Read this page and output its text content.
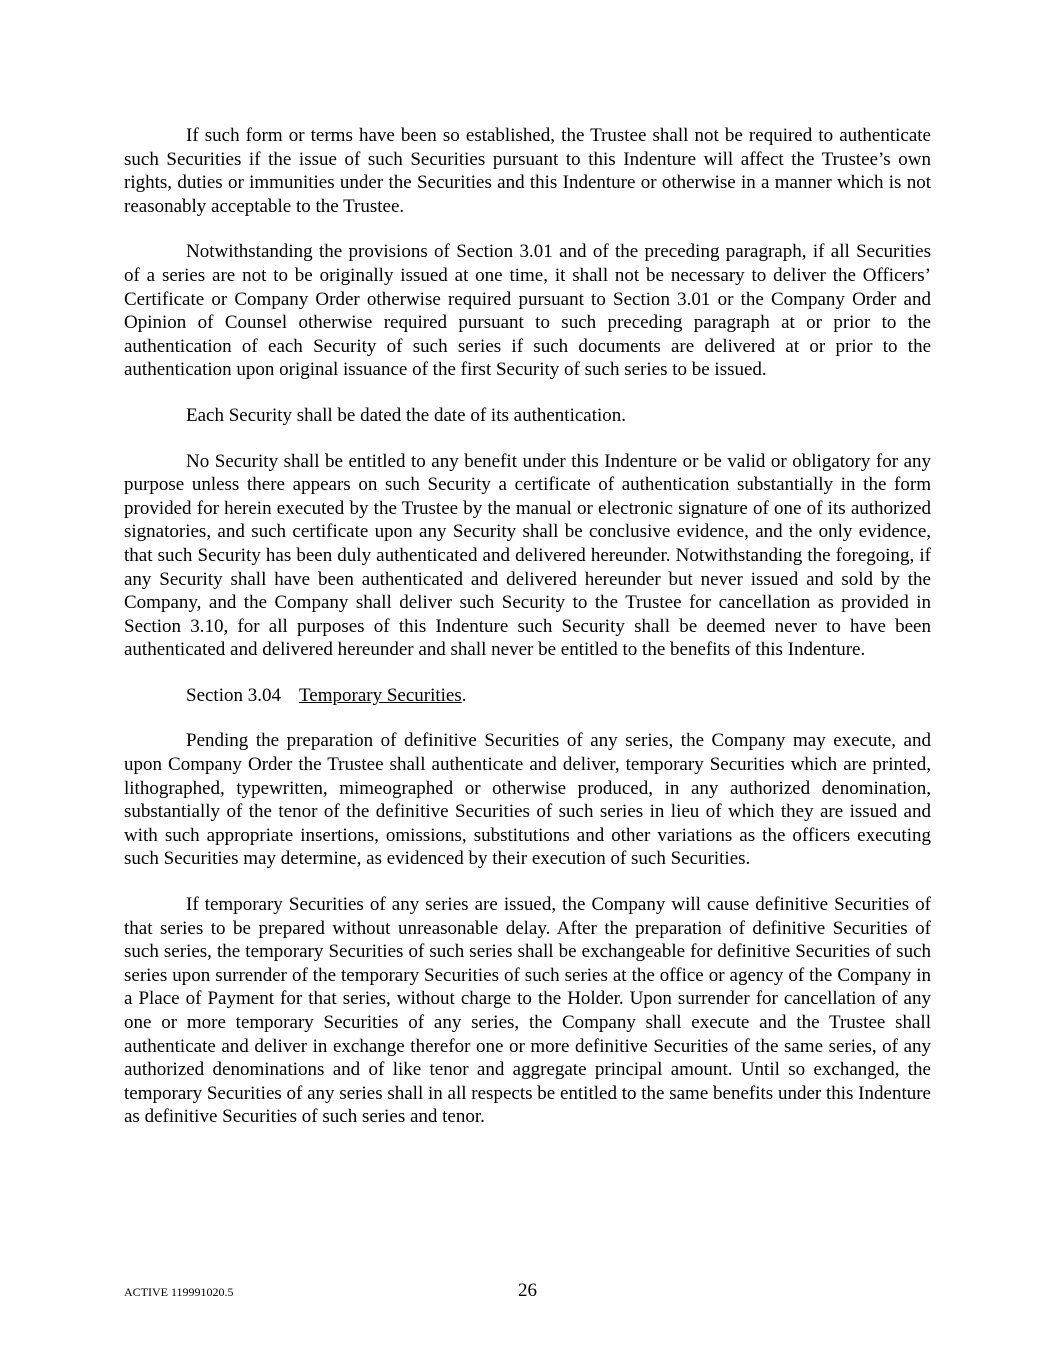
If such form or terms have been so established, the Trustee shall not be required to authenticate such Securities if the issue of such Securities pursuant to this Indenture will affect the Trustee’s own rights, duties or immunities under the Securities and this Indenture or otherwise in a manner which is not reasonably acceptable to the Trustee.

Notwithstanding the provisions of Section 3.01 and of the preceding paragraph, if all Securities of a series are not to be originally issued at one time, it shall not be necessary to deliver the Officers’ Certificate or Company Order otherwise required pursuant to Section 3.01 or the Company Order and Opinion of Counsel otherwise required pursuant to such preceding paragraph at or prior to the authentication of each Security of such series if such documents are delivered at or prior to the authentication upon original issuance of the first Security of such series to be issued.

Each Security shall be dated the date of its authentication.

No Security shall be entitled to any benefit under this Indenture or be valid or obligatory for any purpose unless there appears on such Security a certificate of authentication substantially in the form provided for herein executed by the Trustee by the manual or electronic signature of one of its authorized signatories, and such certificate upon any Security shall be conclusive evidence, and the only evidence, that such Security has been duly authenticated and delivered hereunder. Notwithstanding the foregoing, if any Security shall have been authenticated and delivered hereunder but never issued and sold by the Company, and the Company shall deliver such Security to the Trustee for cancellation as provided in Section 3.10, for all purposes of this Indenture such Security shall be deemed never to have been authenticated and delivered hereunder and shall never be entitled to the benefits of this Indenture.

Section 3.04 Temporary Securities.

Pending the preparation of definitive Securities of any series, the Company may execute, and upon Company Order the Trustee shall authenticate and deliver, temporary Securities which are printed, lithographed, typewritten, mimeographed or otherwise produced, in any authorized denomination, substantially of the tenor of the definitive Securities of such series in lieu of which they are issued and with such appropriate insertions, omissions, substitutions and other variations as the officers executing such Securities may determine, as evidenced by their execution of such Securities.

If temporary Securities of any series are issued, the Company will cause definitive Securities of that series to be prepared without unreasonable delay. After the preparation of definitive Securities of such series, the temporary Securities of such series shall be exchangeable for definitive Securities of such series upon surrender of the temporary Securities of such series at the office or agency of the Company in a Place of Payment for that series, without charge to the Holder. Upon surrender for cancellation of any one or more temporary Securities of any series, the Company shall execute and the Trustee shall authenticate and deliver in exchange therefor one or more definitive Securities of the same series, of any authorized denominations and of like tenor and aggregate principal amount. Until so exchanged, the temporary Securities of any series shall in all respects be entitled to the same benefits under this Indenture as definitive Securities of such series and tenor.

ACTIVE 119991020.5	26
